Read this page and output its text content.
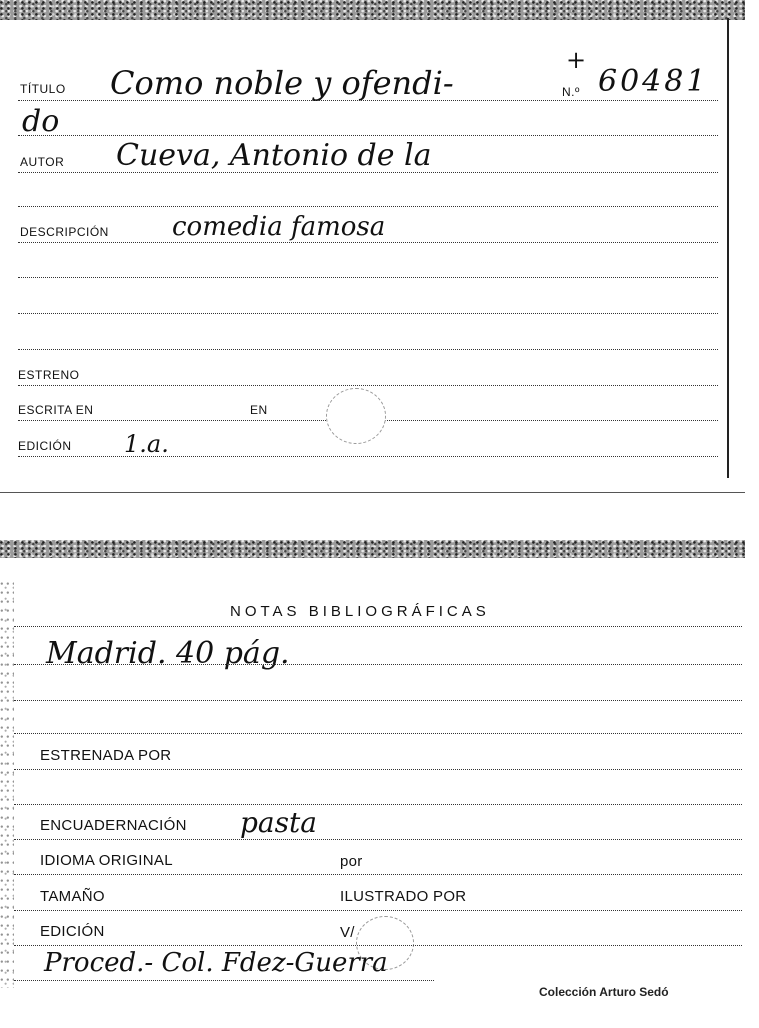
TÍTULO Como noble y ofendi-
+
N.º 60481
do
AUTOR Cueva, Antonio de la
DESCRIPCIÓN comedia famosa
ESTRENO
ESCRITA EN	EN
EDICIÓN 1.a.
NOTAS BIBLIOGRÁFICAS
Madrid. 40 pág.
ESTRENADA POR
ENCUADERNACIÓN pasta
IDIOMA ORIGINAL	por
TAMAÑO	ILUSTRADO POR
EDICIÓN	V/
Proced.- Col. Fdez-Guerra
Colección Arturo Sedó
